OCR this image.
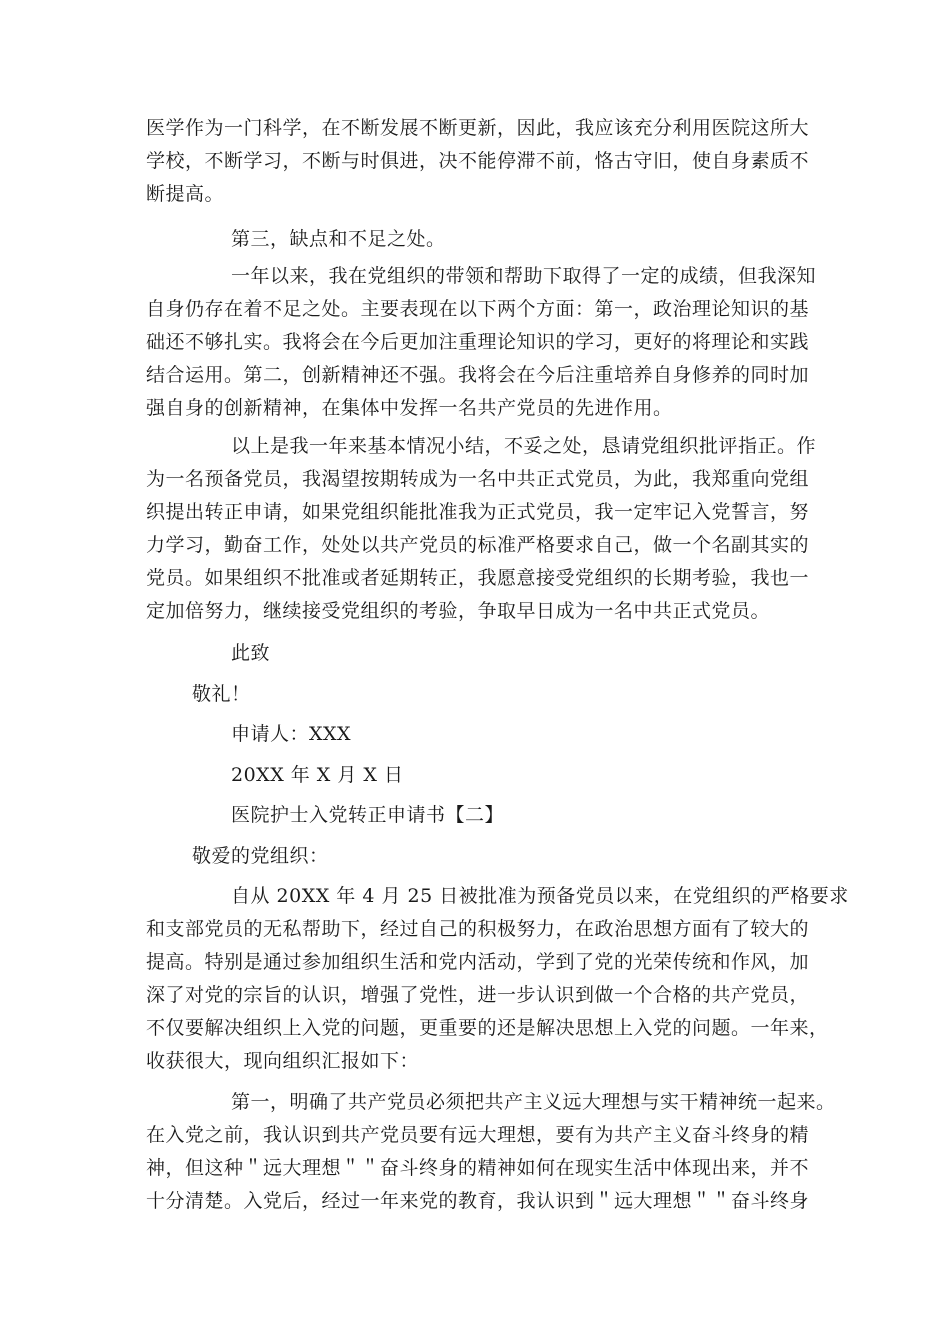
医学作为一门科学，在不断发展不断更新，因此，我应该充分利用医院这所大
学校，不断学习，不断与时俱进，决不能停滞不前，恪古守旧，使自身素质不
断提高。
第三，缺点和不足之处。
一年以来，我在党组织的带领和帮助下取得了一定的成绩，但我深知
自身仍存在着不足之处。主要表现在以下两个方面：第一，政治理论知识的基
础还不够扎实。我将会在今后更加注重理论知识的学习，更好的将理论和实践
结合运用。第二，创新精神还不强。我将会在今后注重培养自身修养的同时加
强自身的创新精神，在集体中发挥一名共产党员的先进作用。
以上是我一年来基本情况小结，不妥之处，恳请党组织批评指正。作
为一名预备党员，我渴望按期转成为一名中共正式党员，为此，我郑重向党组
织提出转正申请，如果党组织能批准我为正式党员，我一定牢记入党誓言，努
力学习，勤奋工作，处处以共产党员的标准严格要求自己，做一个名副其实的
党员。如果组织不批准或者延期转正，我愿意接受党组织的长期考验，我也一
定加倍努力，继续接受党组织的考验，争取早日成为一名中共正式党员。
此致
敬礼！
申请人：XXX
20XX 年 X 月 X 日
医院护士入党转正申请书【二】
敬爱的党组织：
自从 20XX 年 4 月 25 日被批准为预备党员以来，在党组织的严格要求
和支部党员的无私帮助下，经过自己的积极努力，在政治思想方面有了较大的
提高。特别是通过参加组织生活和党内活动，学到了党的光荣传统和作风，加
深了对党的宗旨的认识，增强了党性，进一步认识到做一个合格的共产党员，
不仅要解决组织上入党的问题，更重要的还是解决思想上入党的问题。一年来，
收获很大，现向组织汇报如下：
第一，明确了共产党员必须把共产主义远大理想与实干精神统一起来。
在入党之前，我认识到共产党员要有远大理想，要有为共产主义奋斗终身的精
神，但这种＂远大理想＂＂奋斗终身的精神如何在现实生活中体现出来，并不
十分清楚。入党后，经过一年来党的教育，我认识到＂远大理想＂＂奋斗终身
